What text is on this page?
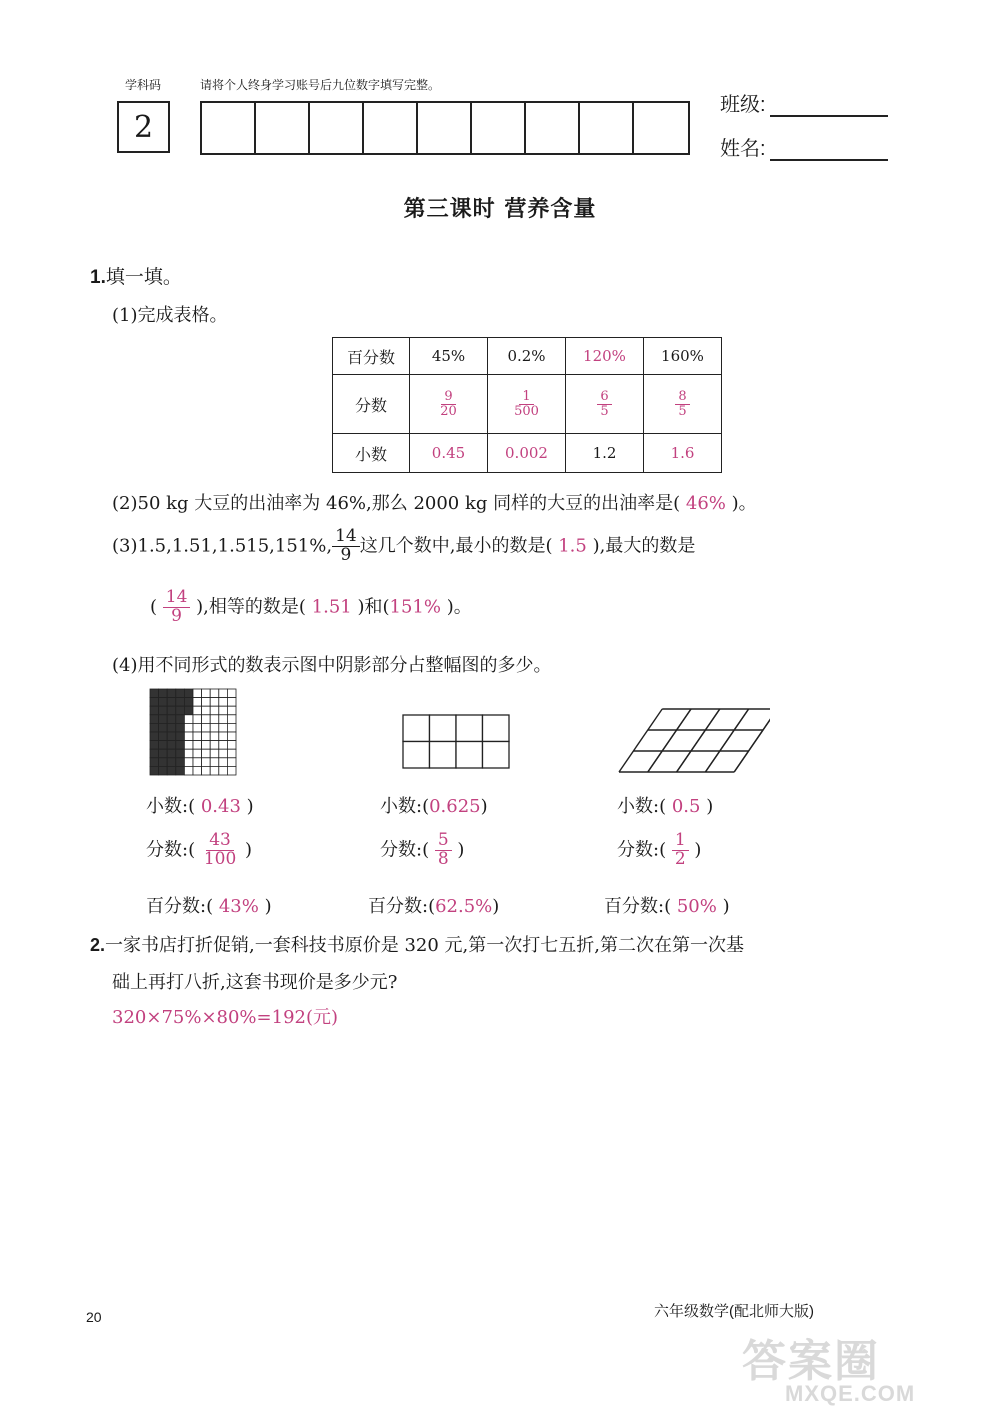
学科码
2
请将个人终身学习账号后九位数字填写完整。
班级:
姓名:
第三课时 营养含量
1.填一填。
(1)完成表格。
百分数	45%	0.2%	120%	160%
分数	$\frac{9}{20}$	$\frac{1}{500}$	$\frac{6}{5}$	$\frac{8}{5}$

小数	0.45	0.002	1.2	1.6
(2)50 kg 大豆的出油率为 46%,那么 2000 kg 同样的大豆的出油率是( 46% )。
(3)1.5,1.51,1.515,151%, $\frac{14}{9}$ 这几个数中,最小的数是( 1.5 ),最大的数是
( $\frac{14}{9}$ ),相等的数是( 1.51 )和(151% )。
(4)用不同形式的数表示图中阴影部分占整幅图的多少。
小数:( 0.43 )	小数:(0.625)	小数:( 0.5 )
分数:( $\frac{43}{100}$ )	分数:( $\frac{5}{8}$ )	分数:( $\frac{1}{2}$ )
百分数:( 43% )	百分数:(62.5%)	百分数:( 50% )
2.一家书店打折促销,一套科技书原价是 320 元,第一次打七五折,第二次在第一次基
础上再打八折,这套书现价是多少元?
320×75%×80%=192(元)
20	六年级数学(配北师大版)
答案圈
MXQE.COM
